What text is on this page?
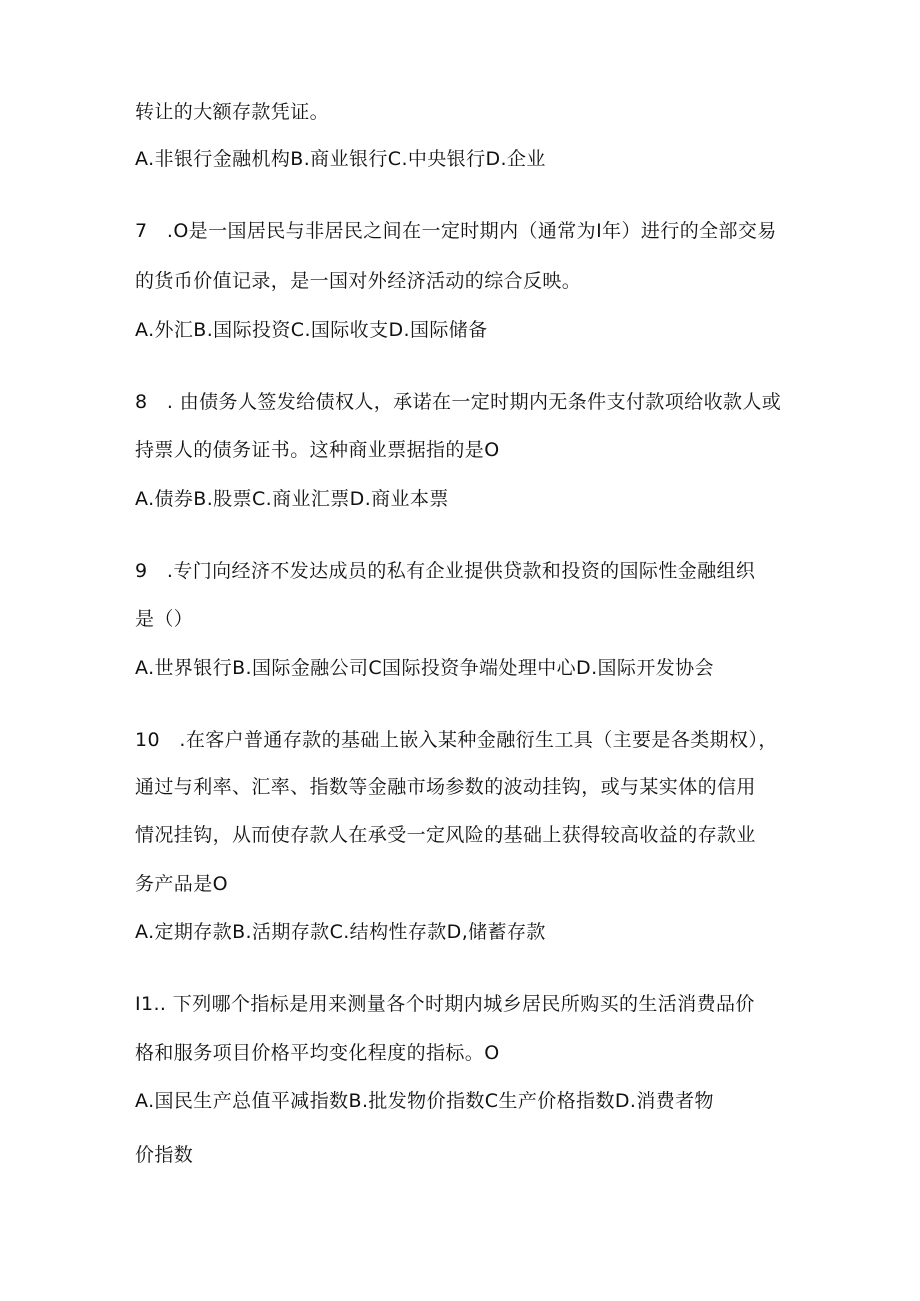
转让的大额存款凭证。
A.非银行金融机构B.商业银行C.中央银行D.企业
7　.O是一国居民与非居民之间在一定时期内（通常为I年）进行的全部交易
的货币价值记录，是一国对外经济活动的综合反映。
A.外汇B.国际投资C.国际收支D.国际储备
8　. 由债务人签发给债权人，承诺在一定时期内无条件支付款项给收款人或
持票人的债务证书。这种商业票据指的是O
A.债券B.股票C.商业汇票D.商业本票
9　.专门向经济不发达成员的私有企业提供贷款和投资的国际性金融组织
是（）
A.世界银行B.国际金融公司C国际投资争端处理中心D.国际开发协会
10　.在客户普通存款的基础上嵌入某种金融衍生工具（主要是各类期权），
通过与利率、汇率、指数等金融市场参数的波动挂钩，或与某实体的信用
情况挂钩，从而使存款人在承受一定风险的基础上获得较高收益的存款业
务产品是O
A.定期存款B.活期存款C.结构性存款D,储蓄存款
I1.. 下列哪个指标是用来测量各个时期内城乡居民所购买的生活消费品价
格和服务项目价格平均变化程度的指标。O
A.国民生产总值平减指数B.批发物价指数C生产价格指数D.消费者物
价指数
